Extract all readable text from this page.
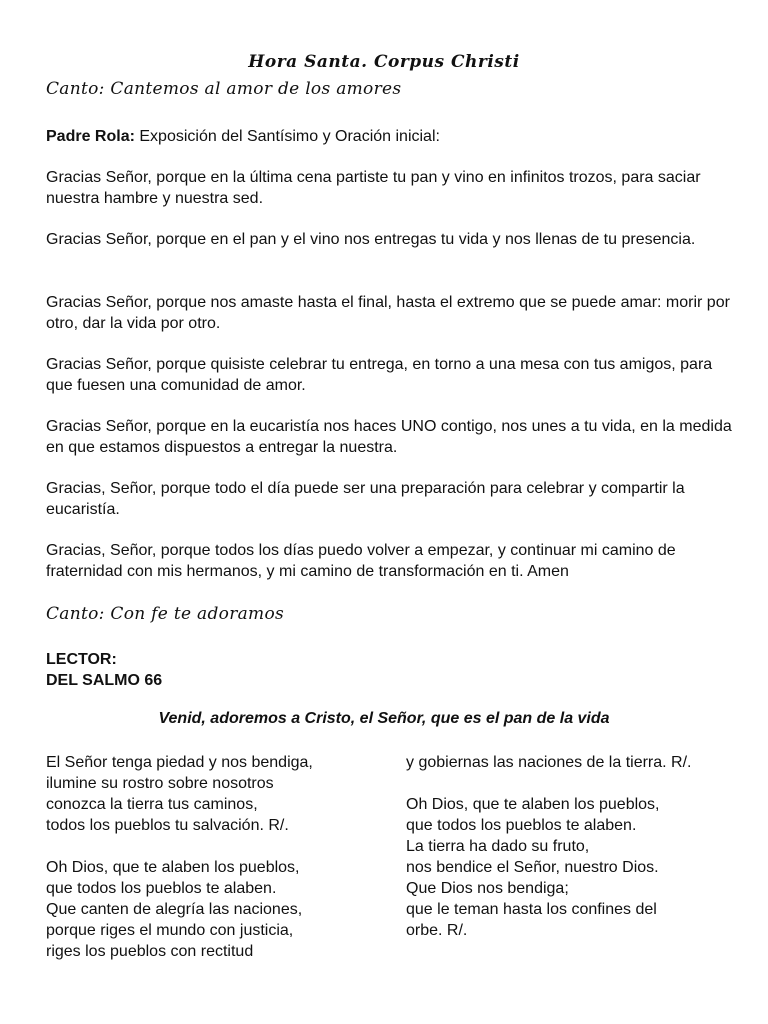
Hora Santa. Corpus Christi
Canto: Cantemos al amor de los amores
Padre Rola: Exposición del Santísimo y Oración inicial:
Gracias Señor, porque en la última cena partiste tu pan y vino en infinitos trozos, para saciar nuestra hambre y nuestra sed.
Gracias Señor, porque en el pan y el vino nos entregas tu vida y nos llenas de tu presencia.
Gracias Señor, porque nos amaste hasta el final, hasta el extremo que se puede amar: morir por otro, dar la vida por otro.
Gracias Señor, porque quisiste celebrar tu entrega, en torno a una mesa con tus amigos, para que fuesen una comunidad de amor.
Gracias Señor, porque en la eucaristía nos haces UNO contigo, nos unes a tu vida, en la medida en que estamos dispuestos a entregar la nuestra.
Gracias, Señor, porque todo el día puede ser una preparación para celebrar y compartir la eucaristía.
Gracias, Señor, porque todos los días puedo volver a empezar, y continuar mi camino de fraternidad con mis hermanos, y mi camino de transformación en ti. Amen
Canto: Con fe te adoramos
LECTOR:
DEL SALMO 66
Venid, adoremos a Cristo, el Señor, que es el pan de la vida
El Señor tenga piedad y nos bendiga,
ilumine su rostro sobre nosotros
conozca la tierra tus caminos,
todos los pueblos tu salvación. R/.
Oh Dios, que te alaben los pueblos,
que todos los pueblos te alaben.
Que canten de alegría las naciones,
porque riges el mundo con justicia,
riges los pueblos con rectitud
y gobiernas las naciones de la tierra. R/.
Oh Dios, que te alaben los pueblos,
que todos los pueblos te alaben.
La tierra ha dado su fruto,
nos bendice el Señor, nuestro Dios.
Que Dios nos bendiga;
que le teman hasta los confines del
orbe. R/.
